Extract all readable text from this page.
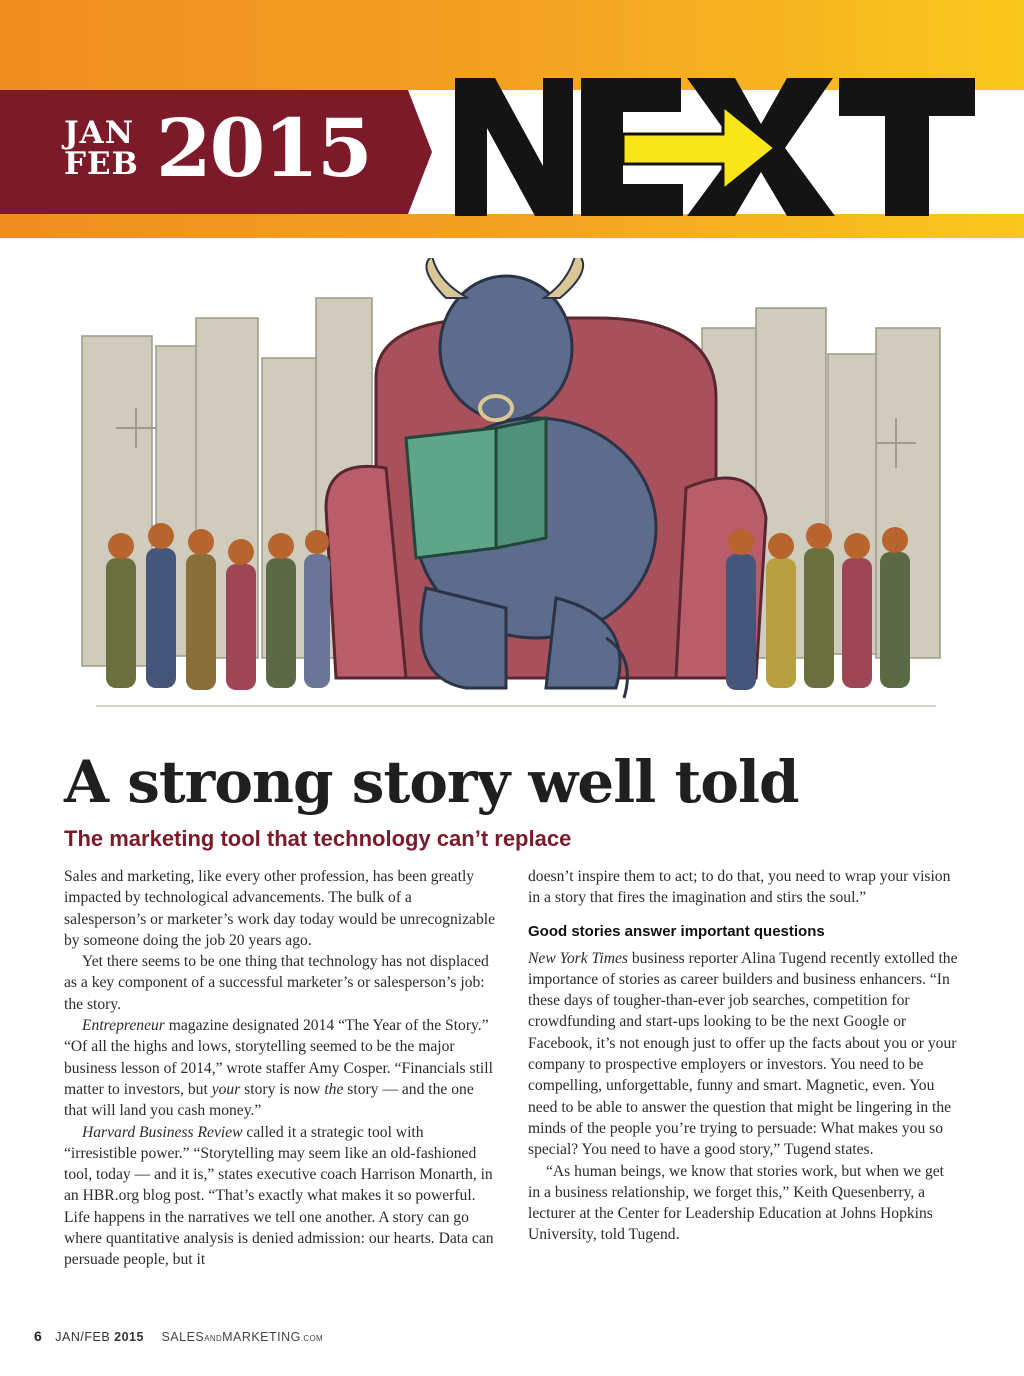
JAN
FEB 2015
A strong story well told
The marketing tool that technology can’t replace

Sales and marketing, like every other profession, has been greatly impacted by technological advancements. The bulk of a salesperson’s or marketer’s work day today would be unrecognizable by someone doing the job 20 years ago.

Yet there seems to be one thing that technology has not displaced as a key component of a successful marketer’s or salesperson’s job: the story.

Entrepreneur magazine designated 2014 “The Year of the Story.” “Of all the highs and lows, storytelling seemed to be the major business lesson of 2014,” wrote staffer Amy Cosper. “Financials still matter to investors, but your story is now the story — and the one that will land you cash money.”

Harvard Business Review called it a strategic tool with “irresistible power.” “Storytelling may seem like an old-fashioned tool, today — and it is,” states executive coach Harrison Monarth, in an HBR.org blog post. “That’s exactly what makes it so powerful. Life happens in the narratives we tell one another. A story can go where quantitative analysis is denied admission: our hearts. Data can persuade people, but it

doesn’t inspire them to act; to do that, you need to wrap your vision in a story that fires the imagination and stirs the soul.”

Good stories answer important questions

New York Times business reporter Alina Tugend recently extolled the importance of stories as career builders and business enhancers. “In these days of tougher-than-ever job searches, competition for crowdfunding and start-ups looking to be the next Google or Facebook, it’s not enough just to offer up the facts about you or your company to prospective employers or investors. You need to be compelling, unforgettable, funny and smart. Magnetic, even. You need to be able to answer the question that might be lingering in the minds of the people you’re trying to persuade: What makes you so special? You need to have a good story,” Tugend states.

“As human beings, we know that stories work, but when we get in a business relationship, we forget this,” Keith Quesenberry, a lecturer at the Center for Leadership Education at Johns Hopkins University, told Tugend.

6 JAN/FEB 2015 SALESANDMARKETING.COM
